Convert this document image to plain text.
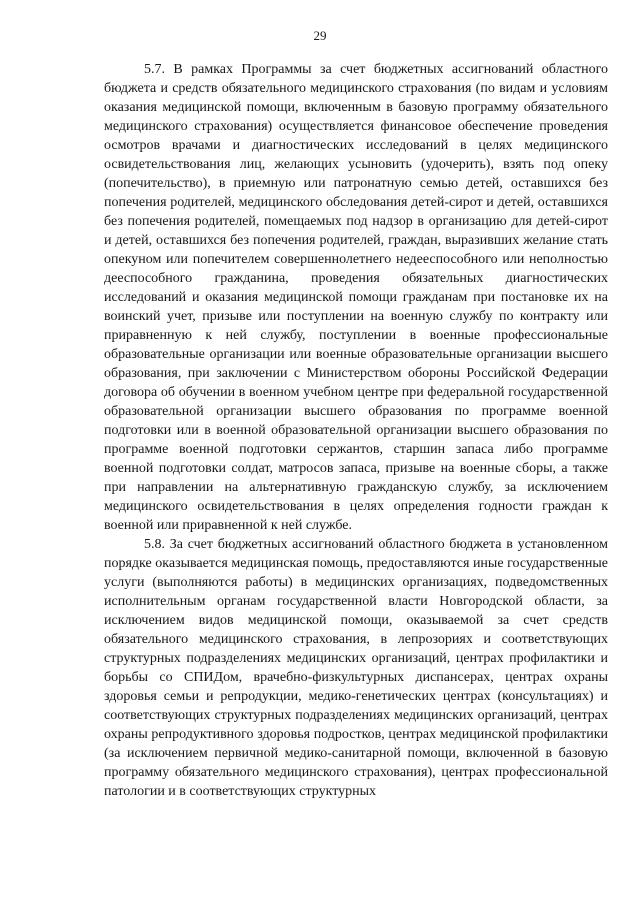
29

5.7. В рамках Программы за счет бюджетных ассигнований областного бюджета и средств обязательного медицинского страхования (по видам и условиям оказания медицинской помощи, включенным в базовую программу обязательного медицинского страхования) осуществляется финансовое обеспечение проведения осмотров врачами и диагностических исследований в целях медицинского освидетельствования лиц, желающих усыновить (удочерить), взять под опеку (попечительство), в приемную или патронатную семью детей, оставшихся без попечения родителей, медицинского обследования детей-сирот и детей, оставшихся без попечения родителей, помещаемых под надзор в организацию для детей-сирот и детей, оставшихся без попечения родителей, граждан, выразивших желание стать опекуном или попечителем совершеннолетнего недееспособного или неполностью дееспособного гражданина, проведения обязательных диагностических исследований и оказания медицинской помощи гражданам при постановке их на воинский учет, призыве или поступлении на военную службу по контракту или приравненную к ней службу, поступлении в военные профессиональные образовательные организации или военные образовательные организации высшего образования, при заключении с Министерством обороны Российской Федерации договора об обучении в военном учебном центре при федеральной государственной образовательной организации высшего образования по программе военной подготовки или в военной образовательной организации высшего образования по программе военной подготовки сержантов, старшин запаса либо программе военной подготовки солдат, матросов запаса, призыве на военные сборы, а также при направлении на альтернативную гражданскую службу, за исключением медицинского освидетельствования в целях определения годности граждан к военной или приравненной к ней службе.

5.8. За счет бюджетных ассигнований областного бюджета в установленном порядке оказывается медицинская помощь, предоставляются иные государственные услуги (выполняются работы) в медицинских организациях, подведомственных исполнительным органам государственной власти Новгородской области, за исключением видов медицинской помощи, оказываемой за счет средств обязательного медицинского страхования, в лепрозориях и соответствующих структурных подразделениях медицинских организаций, центрах профилактики и борьбы со СПИДом, врачебно-физкультурных диспансерах, центрах охраны здоровья семьи и репродукции, медико-генетических центрах (консультациях) и соответствующих структурных подразделениях медицинских организаций, центрах охраны репродуктивного здоровья подростков, центрах медицинской профилактики (за исключением первичной медико-санитарной помощи, включенной в базовую программу обязательного медицинского страхования), центрах профессиональной патологии и в соответствующих структурных
